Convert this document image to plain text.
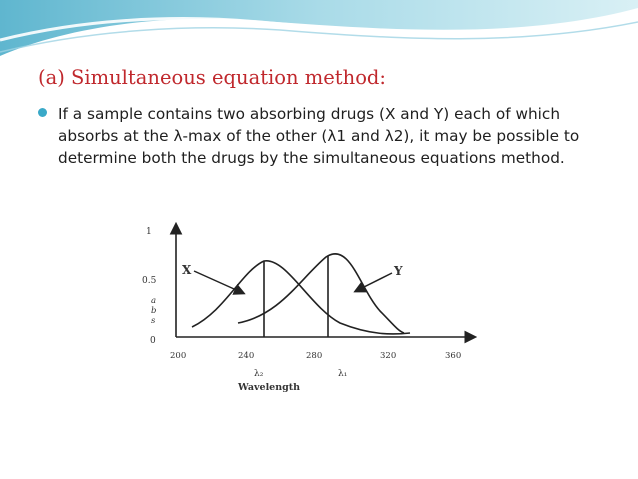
(a) Simultaneous equation method:
If a sample contains two absorbing drugs (X and Y) each of which absorbs at the λ-max of the other (λ1 and λ2), it may be possible to determine both the drugs by the simultaneous equations method.
1
0.5
0
a b s
200	240	280	320	360
λ₂	λ₁
Wavelength
X	Y
